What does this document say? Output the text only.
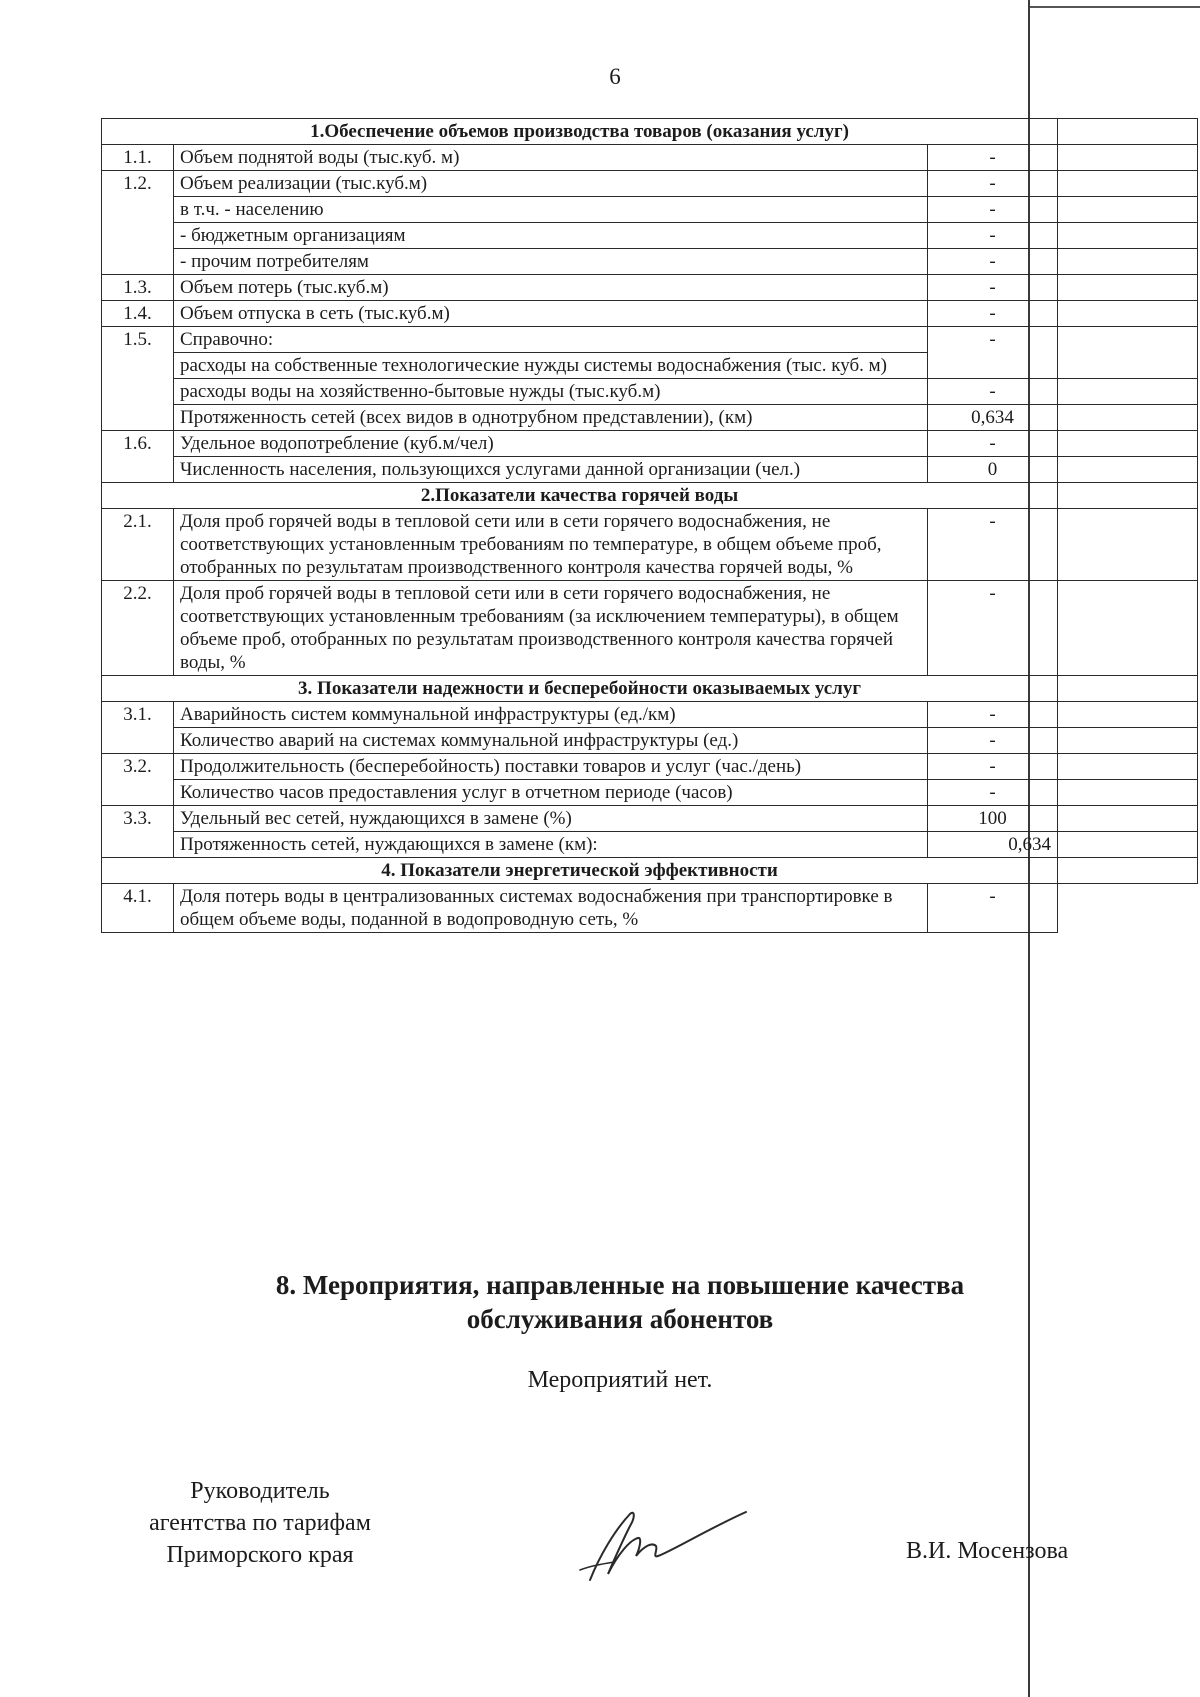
6
1.Обеспечение объемов производства товаров (оказания услуг)			
1.1.	Объем поднятой воды (тыс.куб. м)	-	
1.2.	Объем реализации (тыс.куб.м)	-	
	в т.ч. - населению	-	
	- бюджетным организациям	-	
	- прочим потребителям	-	
1.3.	Объем потерь (тыс.куб.м)	-	
1.4.	Объем отпуска в сеть (тыс.куб.м)	-	
1.5.	Справочно:	-	
	расходы на собственные технологические нужды системы водоснабжения (тыс. куб. м)		
	расходы воды на хозяйственно-бытовые нужды (тыс.куб.м)	-	
	Протяженность сетей (всех видов в однотрубном представлении), (км)	0,634	
1.6.	Удельное водопотребление (куб.м/чел)	-	
	Численность населения, пользующихся услугами данной организации (чел.)	0	
2.Показатели качества горячей воды			
2.1.	Доля проб горячей воды в тепловой сети или в сети горячего водоснабжения, не соответствующих установленным требованиям по температуре, в общем объеме проб, отобранных по результатам производственного контроля качества горячей воды, %	-	
2.2.	Доля проб горячей воды в тепловой сети или в сети горячего водоснабжения, не соответствующих установленным требованиям (за исключением температуры), в общем объеме проб, отобранных по результатам производственного контроля качества горячей воды, %	-	
3. Показатели надежности и бесперебойности оказываемых услуг			
3.1.	Аварийность систем коммунальной инфраструктуры (ед./км)	-	
	Количество аварий на системах коммунальной инфраструктуры (ед.)	-	
3.2.	Продолжительность (бесперебойность) поставки товаров и услуг (час./день)	-	
	Количество часов предоставления услуг в отчетном периоде (часов)	-	
3.3.	Удельный вес сетей, нуждающихся в замене (%)	100	
	Протяженность сетей, нуждающихся в замене (км):	0,634	
4. Показатели энергетической эффективности			
4.1.	Доля потерь воды в централизованных системах водоснабжения при транспортировке в общем объеме воды, поданной в водопроводную сеть, %	-	
8. Мероприятия, направленные на повышение качества
обслуживания абонентов
Мероприятий нет.
Руководитель
агентства по тарифам
Приморского края	В.И. Мосензова
